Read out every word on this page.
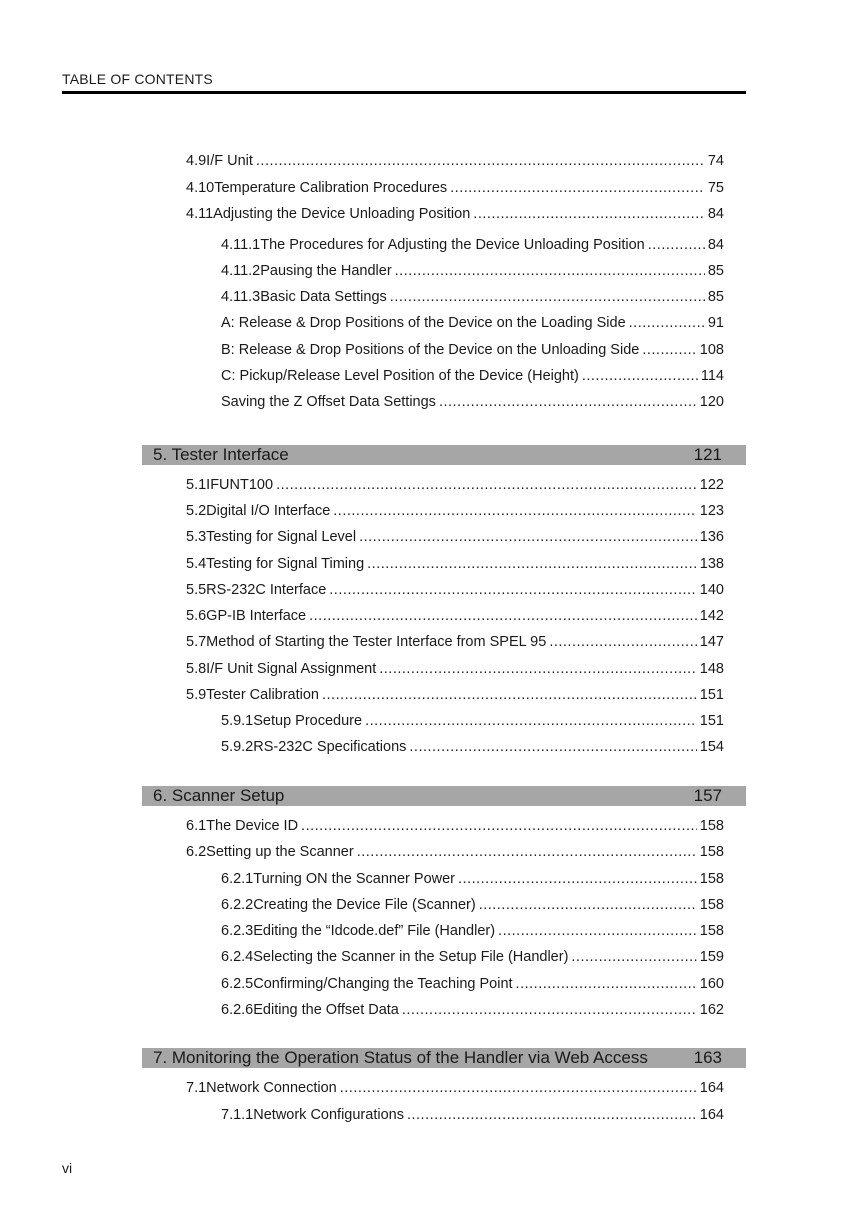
TABLE OF CONTENTS
4.9 I/F Unit .....	74
4.10 Temperature Calibration Procedures .....	75
4.11 Adjusting the Device Unloading Position .....	84
4.11.1 The Procedures for Adjusting the Device Unloading Position .....	84
4.11.2 Pausing the Handler .....	85
4.11.3 Basic Data Settings .....	85
A: Release & Drop Positions of the Device on the Loading Side .....	91
B: Release & Drop Positions of the Device on the Unloading Side .....	108
C: Pickup/Release Level Position of the Device (Height) .....	114
Saving the Z Offset Data Settings .....	120
5. Tester Interface	121
5.1 IFUNT100 .....	122
5.2 Digital I/O Interface .....	123
5.3 Testing for Signal Level .....	136
5.4 Testing for Signal Timing .....	138
5.5 RS-232C Interface .....	140
5.6 GP-IB Interface .....	142
5.7 Method of Starting the Tester Interface from SPEL 95 .....	147
5.8 I/F Unit Signal Assignment .....	148
5.9 Tester Calibration .....	151
5.9.1 Setup Procedure .....	151
5.9.2 RS-232C Specifications .....	154
6. Scanner Setup	157
6.1 The Device ID .....	158
6.2 Setting up the Scanner .....	158
6.2.1 Turning ON the Scanner Power .....	158
6.2.2 Creating the Device File (Scanner) .....	158
6.2.3 Editing the “Idcode.def” File (Handler) .....	158
6.2.4 Selecting the Scanner in the Setup File (Handler) .....	159
6.2.5 Confirming/Changing the Teaching Point .....	160
6.2.6 Editing the Offset Data .....	162
7. Monitoring the Operation Status of the Handler via Web Access	163
7.1 Network Connection .....	164
7.1.1 Network Configurations .....	164
vi
